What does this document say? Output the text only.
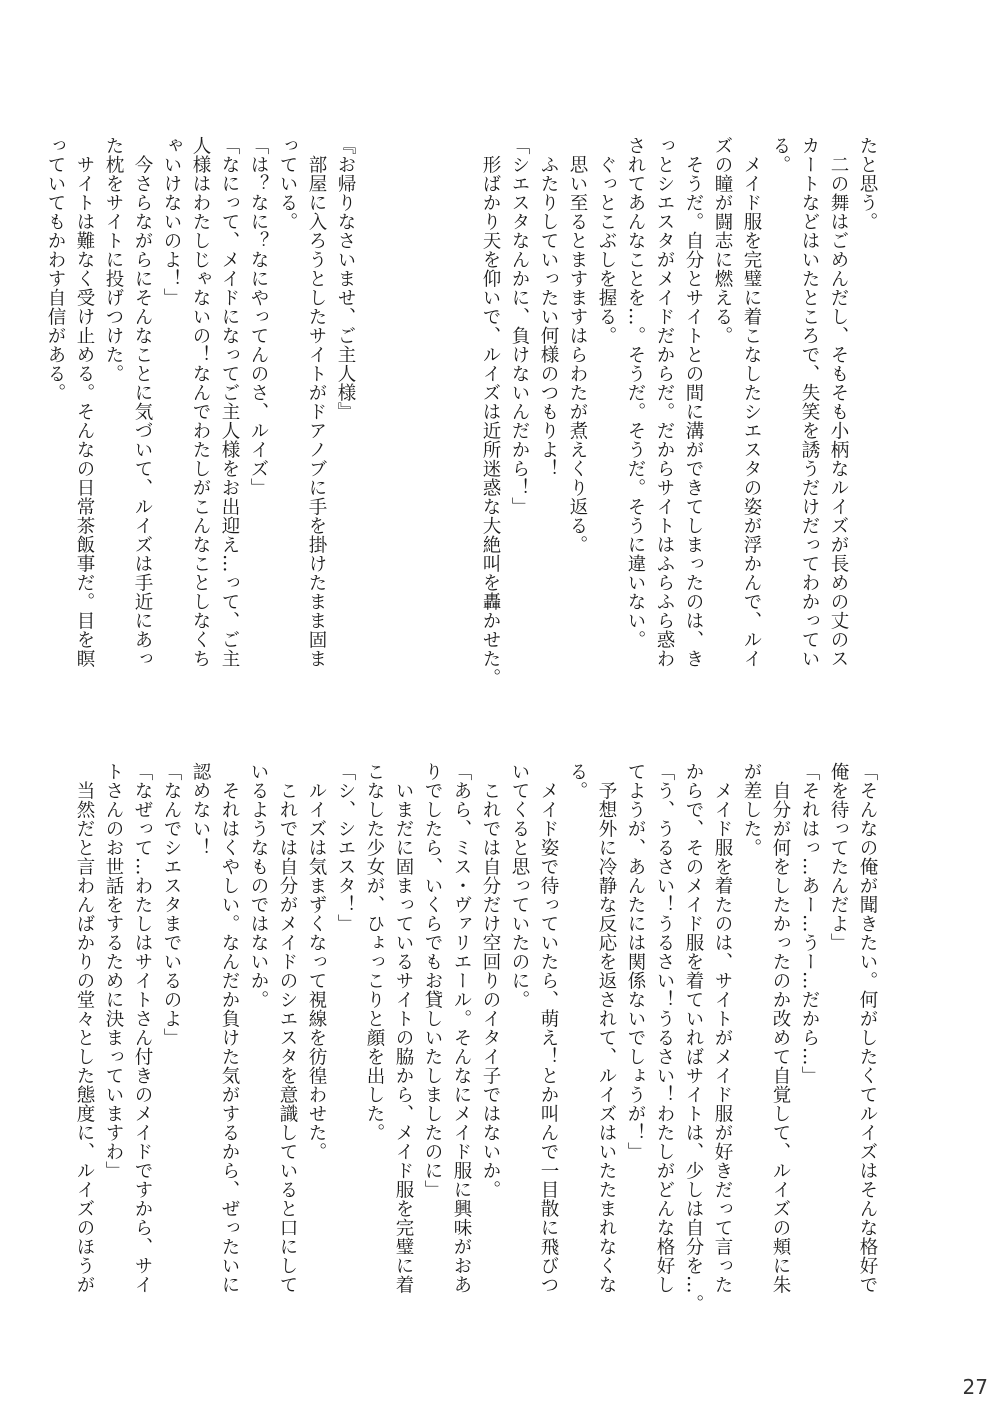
たと思う。
　二の舞はごめんだし、そもそも小柄なルイズが長めの丈のス
カートなどはいたところで、失笑を誘うだけだってわかってい
る。
　メイド服を完璧に着こなしたシエスタの姿が浮かんで、ルイ
ズの瞳が闘志に燃える。
　そうだ。自分とサイトとの間に溝ができてしまったのは、き
っとシエスタがメイドだからだ。だからサイトはふらふら惑わ
されてあんなことを…。そうだ。そうだ。そうに違いない。
　ぐっとこぶしを握る。
　思い至るとますますはらわたが煮えくり返る。
　ふたりしていったい何様のつもりよ！
「シエスタなんかに、負けないんだから！」
　形ばかり天を仰いで、ルイズは近所迷惑な大絶叫を轟かせた。

『お帰りなさいませ、ご主人様』
　部屋に入ろうとしたサイトがドアノブに手を掛けたまま固ま
っている。
「は？なに？なにやってんのさ、ルイズ」
「なにって、メイドになってご主人様をお出迎え…って、ご主
人様はわたしじゃないの！なんでわたしがこんなことしなくち
ゃいけないのよ！」
　今さらながらにそんなことに気づいて、ルイズは手近にあっ
た枕をサイトに投げつけた。
　サイトは難なく受け止める。そんなの日常茶飯事だ。目を瞑
っていてもかわす自信がある。
「そんなの俺が聞きたい。何がしたくてルイズはそんな格好で
俺を待ってたんだよ」
「それはっ…あー…うー…だから…」
　自分が何をしたかったのか改めて自覚して、ルイズの頬に朱
が差した。
　メイド服を着たのは、サイトがメイド服が好きだって言った
からで、そのメイド服を着ていればサイトは、少しは自分を…。
「う、うるさい！うるさい！うるさい！わたしがどんな格好し
てようが、あんたには関係ないでしょうが！」
　予想外に冷静な反応を返されて、ルイズはいたたまれなくな
る。
　メイド姿で待っていたら、萌え！とか叫んで一目散に飛びつ
いてくると思っていたのに。
　これでは自分だけ空回りのイタイ子ではないか。
「あら、ミス・ヴァリエール。そんなにメイド服に興味がおあ
りでしたら、いくらでもお貸しいたしましたのに」
　いまだに固まっているサイトの脇から、メイド服を完璧に着
こなした少女が、ひょっこりと顔を出した。
「シ、シエスタ！」
　ルイズは気まずくなって視線を彷徨わせた。
　これでは自分がメイドのシエスタを意識していると口にして
いるようなものではないか。
　それはくやしい。なんだか負けた気がするから、ぜったいに
認めない！
「なんでシエスタまでいるのよ」
「なぜって…わたしはサイトさん付きのメイドですから、サイ
トさんのお世話をするために決まっていますわ」
　当然だと言わんばかりの堂々とした態度に、ルイズのほうが
27
